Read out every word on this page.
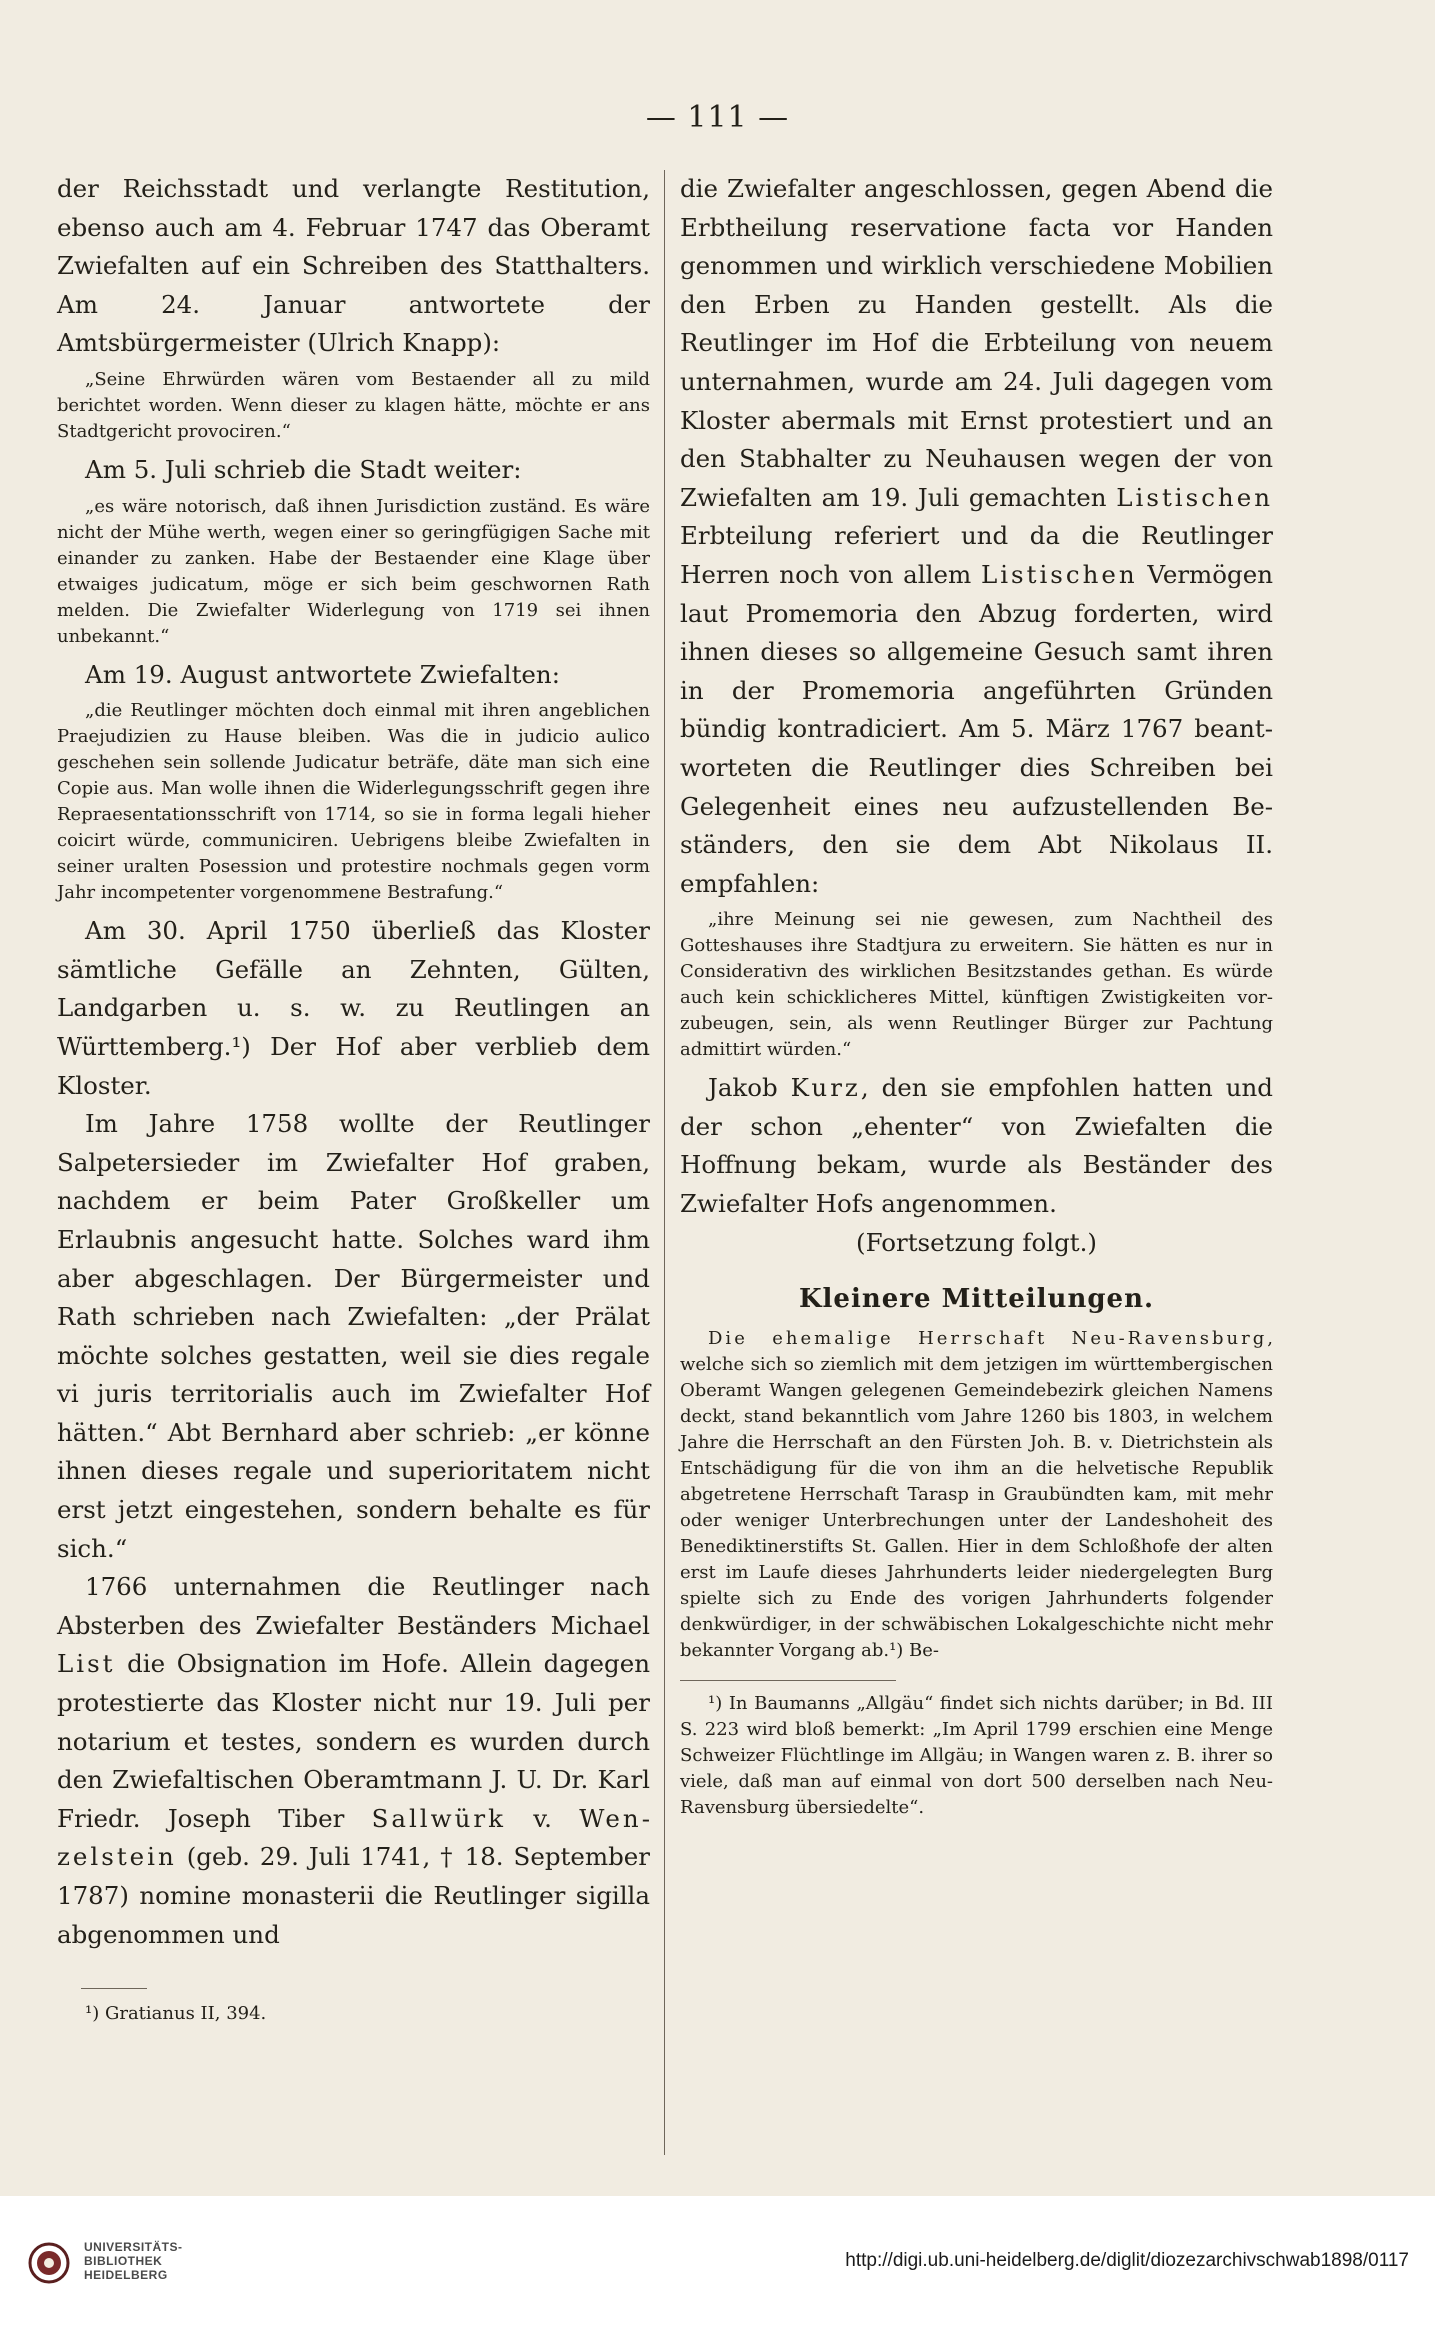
— 111 —

der Reichsstadt und verlangte Restitution, ebenso auch am 4. Februar 1747 das Oberamt Zwiefalten auf ein Schreiben des Statthalters. Am 24. Januar antwortete der Amtsbürgermeister (Ulrich Knapp):

„Seine Ehrwürden wären vom Bestaender all zu mild berichtet worden. Wenn dieser zu klagen hätte, möchte er ans Stadtgericht provociren.“

Am 5. Juli schrieb die Stadt weiter:

„es wäre notorisch, daß ihnen Jurisdiction zuständ. Es wäre nicht der Mühe werth, wegen einer so geringfügigen Sache mit einander zu zanken. Habe der Bestaender eine Klage über etwaiges judicatum, möge er sich beim geschwornen Rath melden. Die Zwiefalter Widerlegung von 1719 sei ihnen unbekannt.“

Am 19. August antwortete Zwiefalten:

„die Reutlinger möchten doch einmal mit ihren angeblichen Praejudizien zu Hause bleiben. Was die in judicio aulico geschehen sein sollende Judicatur beträfe, däte man sich eine Copie aus. Man wolle ihnen die Widerlegungsschrift gegen ihre Repraesentationsschrift von 1714, so sie in forma legali hieher coicirt würde, communiciren. Uebrigens bleibe Zwiefalten in seiner uralten Posession und protestire nochmals gegen vorm Jahr incompetenter vorgenommene Bestrafung.“

Am 30. April 1750 überließ das Kloster sämtliche Gefälle an Zehnten, Gülten, Landgarben u. s. w. zu Reutlingen an Württemberg.¹) Der Hof aber verblieb dem Kloster.

Im Jahre 1758 wollte der Reutlinger Salpetersieder im Zwiefalter Hof graben, nachdem er beim Pater Großkeller um Erlaubnis angesucht hatte. Solches ward ihm aber abgeschlagen. Der Bürgermeister und Rath schrieben nach Zwiefalten: „der Prälat möchte solches gestatten, weil sie dies regale vi juris territorialis auch im Zwiefalter Hof hätten.“ Abt Bernhard aber schrieb: „er könne ihnen dieses regale und superioritatem nicht erst jetzt eingestehen, sondern behalte es für sich.“

1766 unternahmen die Reutlinger nach Absterben des Zwiefalter Beständers Michael List die Obsignation im Hofe. Allein dagegen protestierte das Kloster nicht nur 19. Juli per notarium et testes, sondern es wurden durch den Zwiefaltischen Oberamtmann J. U. Dr. Karl Friedr. Joseph Tiber Sallwürk v. Wenzelstein (geb. 29. Juli 1741, † 18. September 1787) nomine monasterii die Reutlinger sigilla abgenommen und

¹) Gratianus II, 394.

die Zwiefalter angeschlossen, gegen Abend die Erbtheilung reservatione facta vor Handen genommen und wirklich verschiedene Mobilien den Erben zu Handen gestellt. Als die Reutlinger im Hof die Erbteilung von neuem unternahmen, wurde am 24. Juli dagegen vom Kloster abermals mit Ernst protestiert und an den Stabhalter zu Neuhausen wegen der von Zwiefalten am 19. Juli gemachten Listischen Erbteilung referiert und da die Reutlinger Herren noch von allem Listischen Vermögen laut Promemoria den Abzug forderten, wird ihnen dieses so allgemeine Gesuch samt ihren in der Promemoria angeführten Gründen bündig kontradiciert. Am 5. März 1767 beantworteten die Reutlinger dies Schreiben bei Gelegenheit eines neu aufzustellenden Beständers, den sie dem Abt Nikolaus II. empfahlen:

„ihre Meinung sei nie gewesen, zum Nachtheil des Gotteshauses ihre Stadtjura zu erweitern. Sie hätten es nur in Considerativn des wirklichen Besitzstandes gethan. Es würde auch kein schicklicheres Mittel, künftigen Zwistigkeiten vorzubeugen, sein, als wenn Reutlinger Bürger zur Pachtung admittirt würden.“

Jakob Kurz, den sie empfohlen hatten und der schon „ehenter“ von Zwiefalten die Hoffnung bekam, wurde als Beständer des Zwiefalter Hofs angenommen.

(Fortsetzung folgt.)

Kleinere Mitteilungen.

Die ehemalige Herrschaft Neu-Ravensburg, welche sich so ziemlich mit dem jetzigen im württembergischen Oberamt Wangen gelegenen Gemeindebezirk gleichen Namens deckt, stand bekanntlich vom Jahre 1260 bis 1803, in welchem Jahre die Herrschaft an den Fürsten Joh. B. v. Dietrichstein als Entschädigung für die von ihm an die helvetische Republik abgetretene Herrschaft Tarasp in Graubündten kam, mit mehr oder weniger Unterbrechungen unter der Landeshoheit des Benediktinerstifts St. Gallen. Hier in dem Schloßhofe der alten erst im Laufe dieses Jahrhunderts leider niedergelegten Burg spielte sich zu Ende des vorigen Jahrhunderts folgender denkwürdiger, in der schwäbischen Lokalgeschichte nicht mehr bekannter Vorgang ab.¹) Be-

¹) In Baumanns „Allgäu“ findet sich nichts darüber; in Bd. III S. 223 wird bloß bemerkt: „Im April 1799 erschien eine Menge Schweizer Flüchtlinge im Allgäu; in Wangen waren z. B. ihrer so viele, daß man auf einmal von dort 500 derselben nach Neu-Ravensburg übersiedelte“.

UNIVERSITÄTS-
BIBLIOTHEK
HEIDELBERG
http://digi.ub.uni-heidelberg.de/diglit/diozezarchivschwab1898/0117
